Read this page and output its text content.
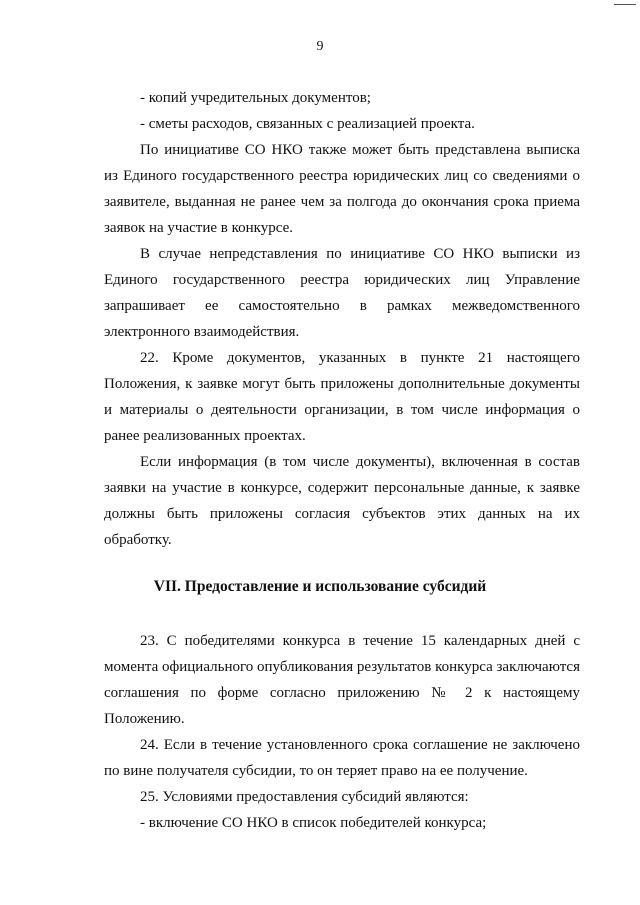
9

- копий учредительных документов;

- сметы расходов, связанных с реализацией проекта.

По инициативе СО НКО также может быть представлена выписка из Единого государственного реестра юридических лиц со сведениями о заявителе, выданная не ранее чем за полгода до окончания срока приема заявок на участие в конкурсе.

В случае непредставления по инициативе СО НКО выписки из Единого государственного реестра юридических лиц Управление запрашивает ее самостоятельно в рамках межведомственного электронного взаимодействия.

22. Кроме документов, указанных в пункте 21 настоящего Положения, к заявке могут быть приложены дополнительные документы и материалы о деятельности организации, в том числе информация о ранее реализованных проектах.

Если информация (в том числе документы), включенная в состав заявки на участие в конкурсе, содержит персональные данные, к заявке должны быть приложены согласия субъектов этих данных на их обработку.

VII. Предоставление и использование субсидий

23. С победителями конкурса в течение 15 календарных дней с момента официального опубликования результатов конкурса заключаются соглашения по форме согласно приложению № 2 к настоящему Положению.

24. Если в течение установленного срока соглашение не заключено по вине получателя субсидии, то он теряет право на ее получение.

25. Условиями предоставления субсидий являются:

- включение СО НКО в список победителей конкурса;
